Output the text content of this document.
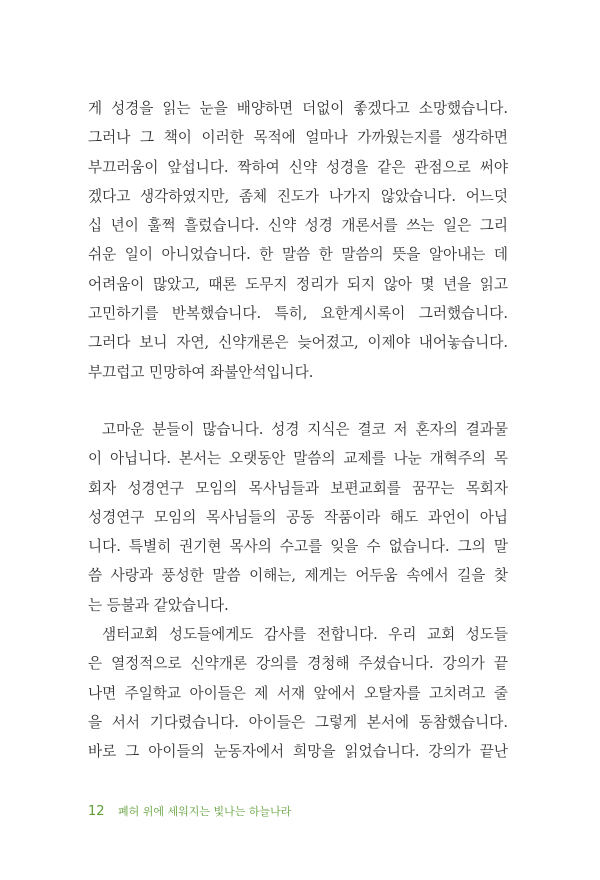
게 성경을 읽는 눈을 배양하면 더없이 좋겠다고 소망했습니다.
그러나 그 책이 이러한 목적에 얼마나 가까웠는지를 생각하면
부끄러움이 앞섭니다. 짝하여 신약 성경을 같은 관점으로 써야
겠다고 생각하였지만, 좀체 진도가 나가지 않았습니다. 어느덧
십 년이 훌쩍 흘렀습니다. 신약 성경 개론서를 쓰는 일은 그리
쉬운 일이 아니었습니다. 한 말씀 한 말씀의 뜻을 알아내는 데
어려움이 많았고, 때론 도무지 정리가 되지 않아 몇 년을 읽고
고민하기를 반복했습니다. 특히, 요한계시록이 그러했습니다.
그러다 보니 자연, 신약개론은 늦어졌고, 이제야 내어놓습니다.
부끄럽고 민망하여 좌불안석입니다.
고마운 분들이 많습니다. 성경 지식은 결코 저 혼자의 결과물
이 아닙니다. 본서는 오랫동안 말씀의 교제를 나눈 개혁주의 목
회자 성경연구 모임의 목사님들과 보편교회를 꿈꾸는 목회자
성경연구 모임의 목사님들의 공동 작품이라 해도 과언이 아닙
니다. 특별히 권기현 목사의 수고를 잊을 수 없습니다. 그의 말
씀 사랑과 풍성한 말씀 이해는, 제게는 어두움 속에서 길을 찾
는 등불과 같았습니다.
샘터교회 성도들에게도 감사를 전합니다. 우리 교회 성도들
은 열정적으로 신약개론 강의를 경청해 주셨습니다. 강의가 끝
나면 주일학교 아이들은 제 서재 앞에서 오탈자를 고치려고 줄
을 서서 기다렸습니다. 아이들은 그렇게 본서에 동참했습니다.
바로 그 아이들의 눈동자에서 희망을 읽었습니다. 강의가 끝난
12 폐허 위에 세워지는 빛나는 하늘나라
